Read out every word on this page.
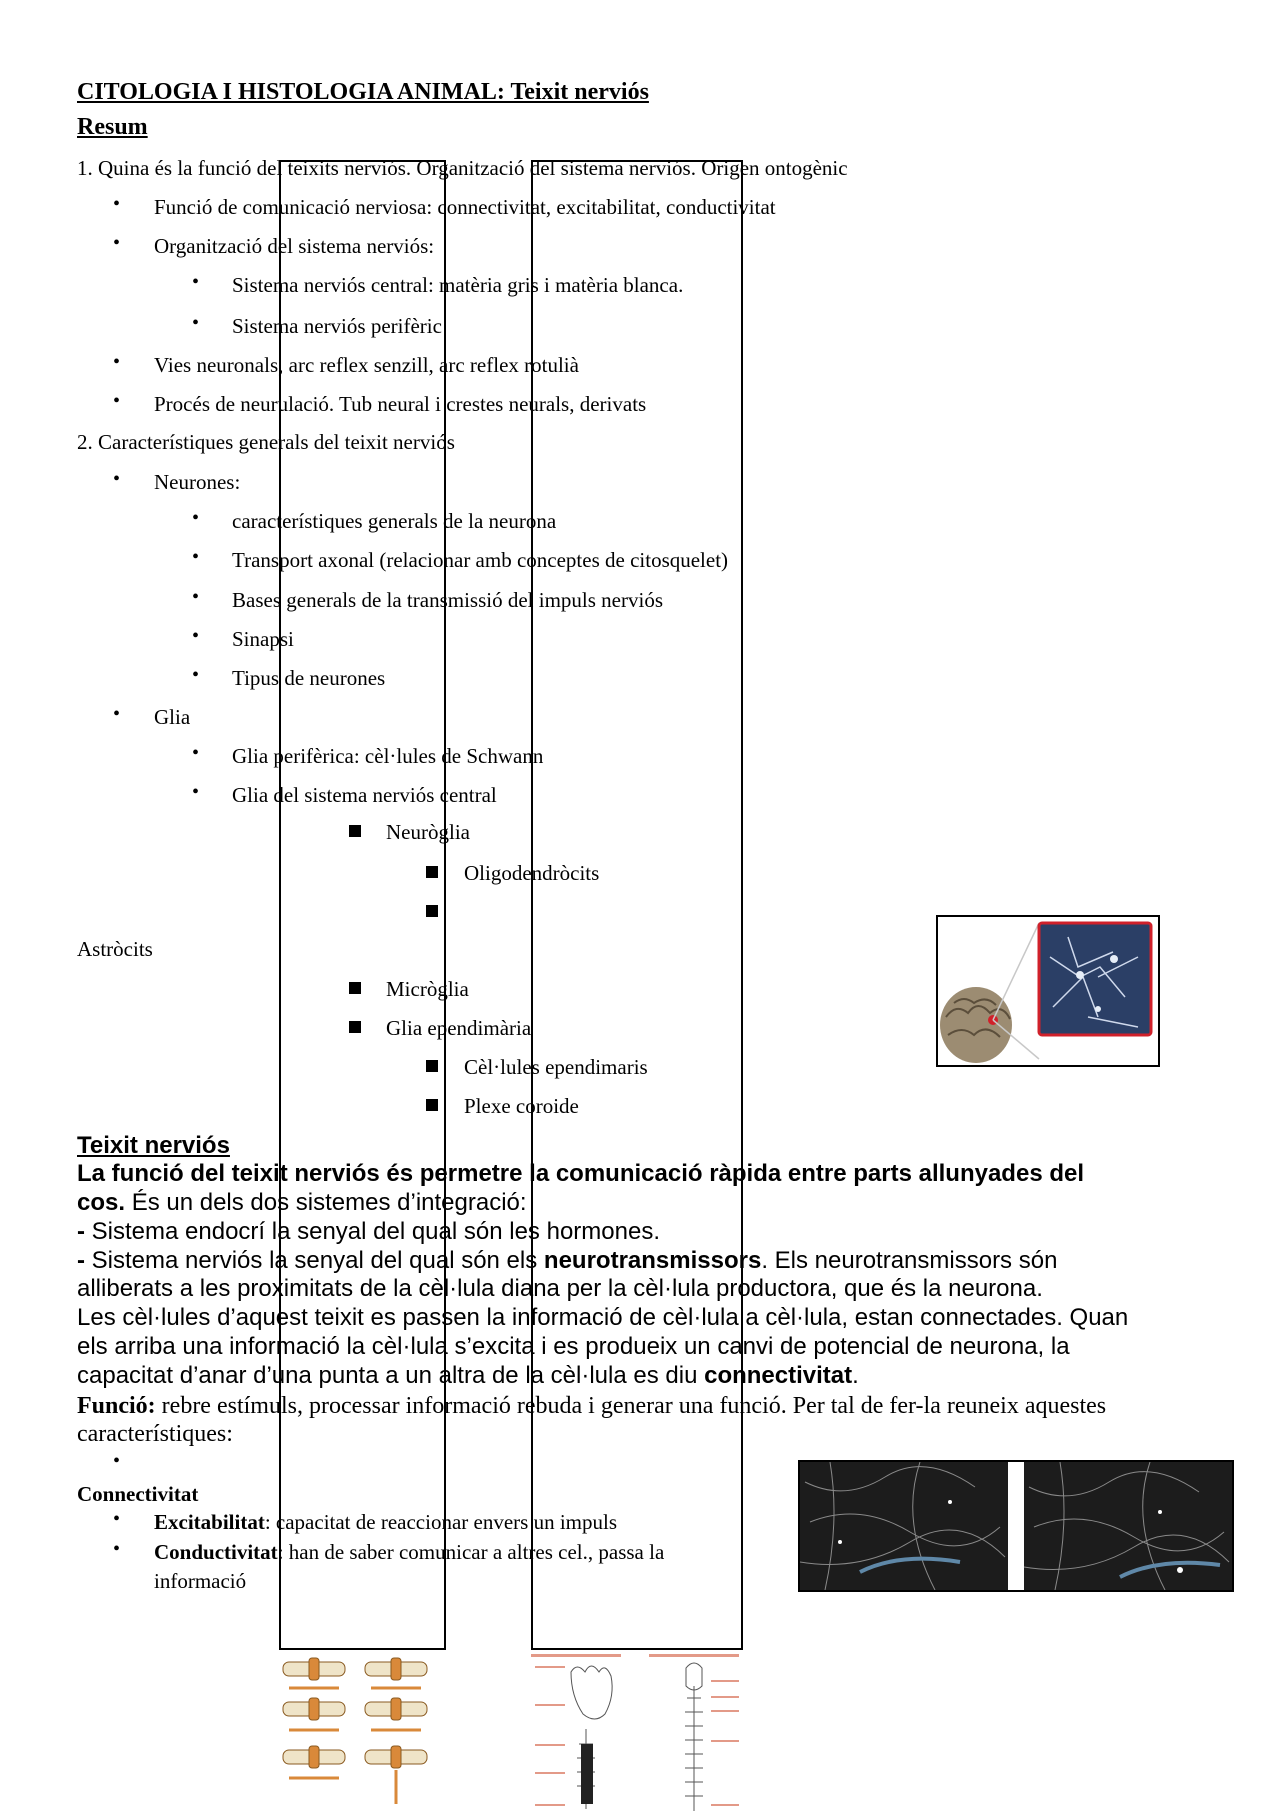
CITOLOGIA I HISTOLOGIA ANIMAL: Teixit nerviós
Resum
1. Quina és la funció del teixits nerviós. Organització del sistema nerviós. Origen ontogènic
• Funció de comunicació nerviosa: connectivitat, excitabilitat, conductivitat
• Organització del sistema nerviós:
• Sistema nerviós central: matèria gris i matèria blanca.
• Sistema nerviós perifèric
• Vies neuronals, arc reflex senzill, arc reflex rotulià
• Procés de neurulació. Tub neural i crestes neurals, derivats
2. Característiques generals del teixit nerviós
• Neurones:
• característiques generals de la neurona
• Transport axonal (relacionar amb conceptes de citosquelet)
• Bases generals de la transmissió del impuls nerviós
• Sinapsi
• Tipus de neurones
• Glia
• Glia perifèrica: cèl·lules de Schwann
• Glia del sistema nerviós central
Neuròglia
Oligodendròcits
Astròcits
Micròglia
Glia ependimària
Cèl·lules ependimaris
Plexe coroide
Teixit nerviós
La funció del teixit nerviós és permetre la comunicació ràpida entre parts allunyades del
cos. És un dels dos sistemes d’integració:
- Sistema endocrí la senyal del qual són les hormones.
- Sistema nerviós la senyal del qual són els neurotransmissors. Els neurotransmissors són
alliberats a les proximitats de la cèl·lula diana per la cèl·lula productora, que és la neurona.
Les cèl·lules d’aquest teixit es passen la informació de cèl·lula a cèl·lula, estan connectades. Quan
els arriba una informació la cèl·lula s’excita i es produeix un canvi de potencial de neurona, la
capacitat d’anar d’una punta a un altra de la cèl·lula es diu connectivitat.
Funció: rebre estímuls, processar informació rebuda i generar una funció. Per tal de fer-la reuneix aquestes
característiques:
•
Connectivitat
• Excitabilitat: capacitat de reaccionar envers un impuls
• Conductivitat: han de saber comunicar a altres cel., passa la
informació
